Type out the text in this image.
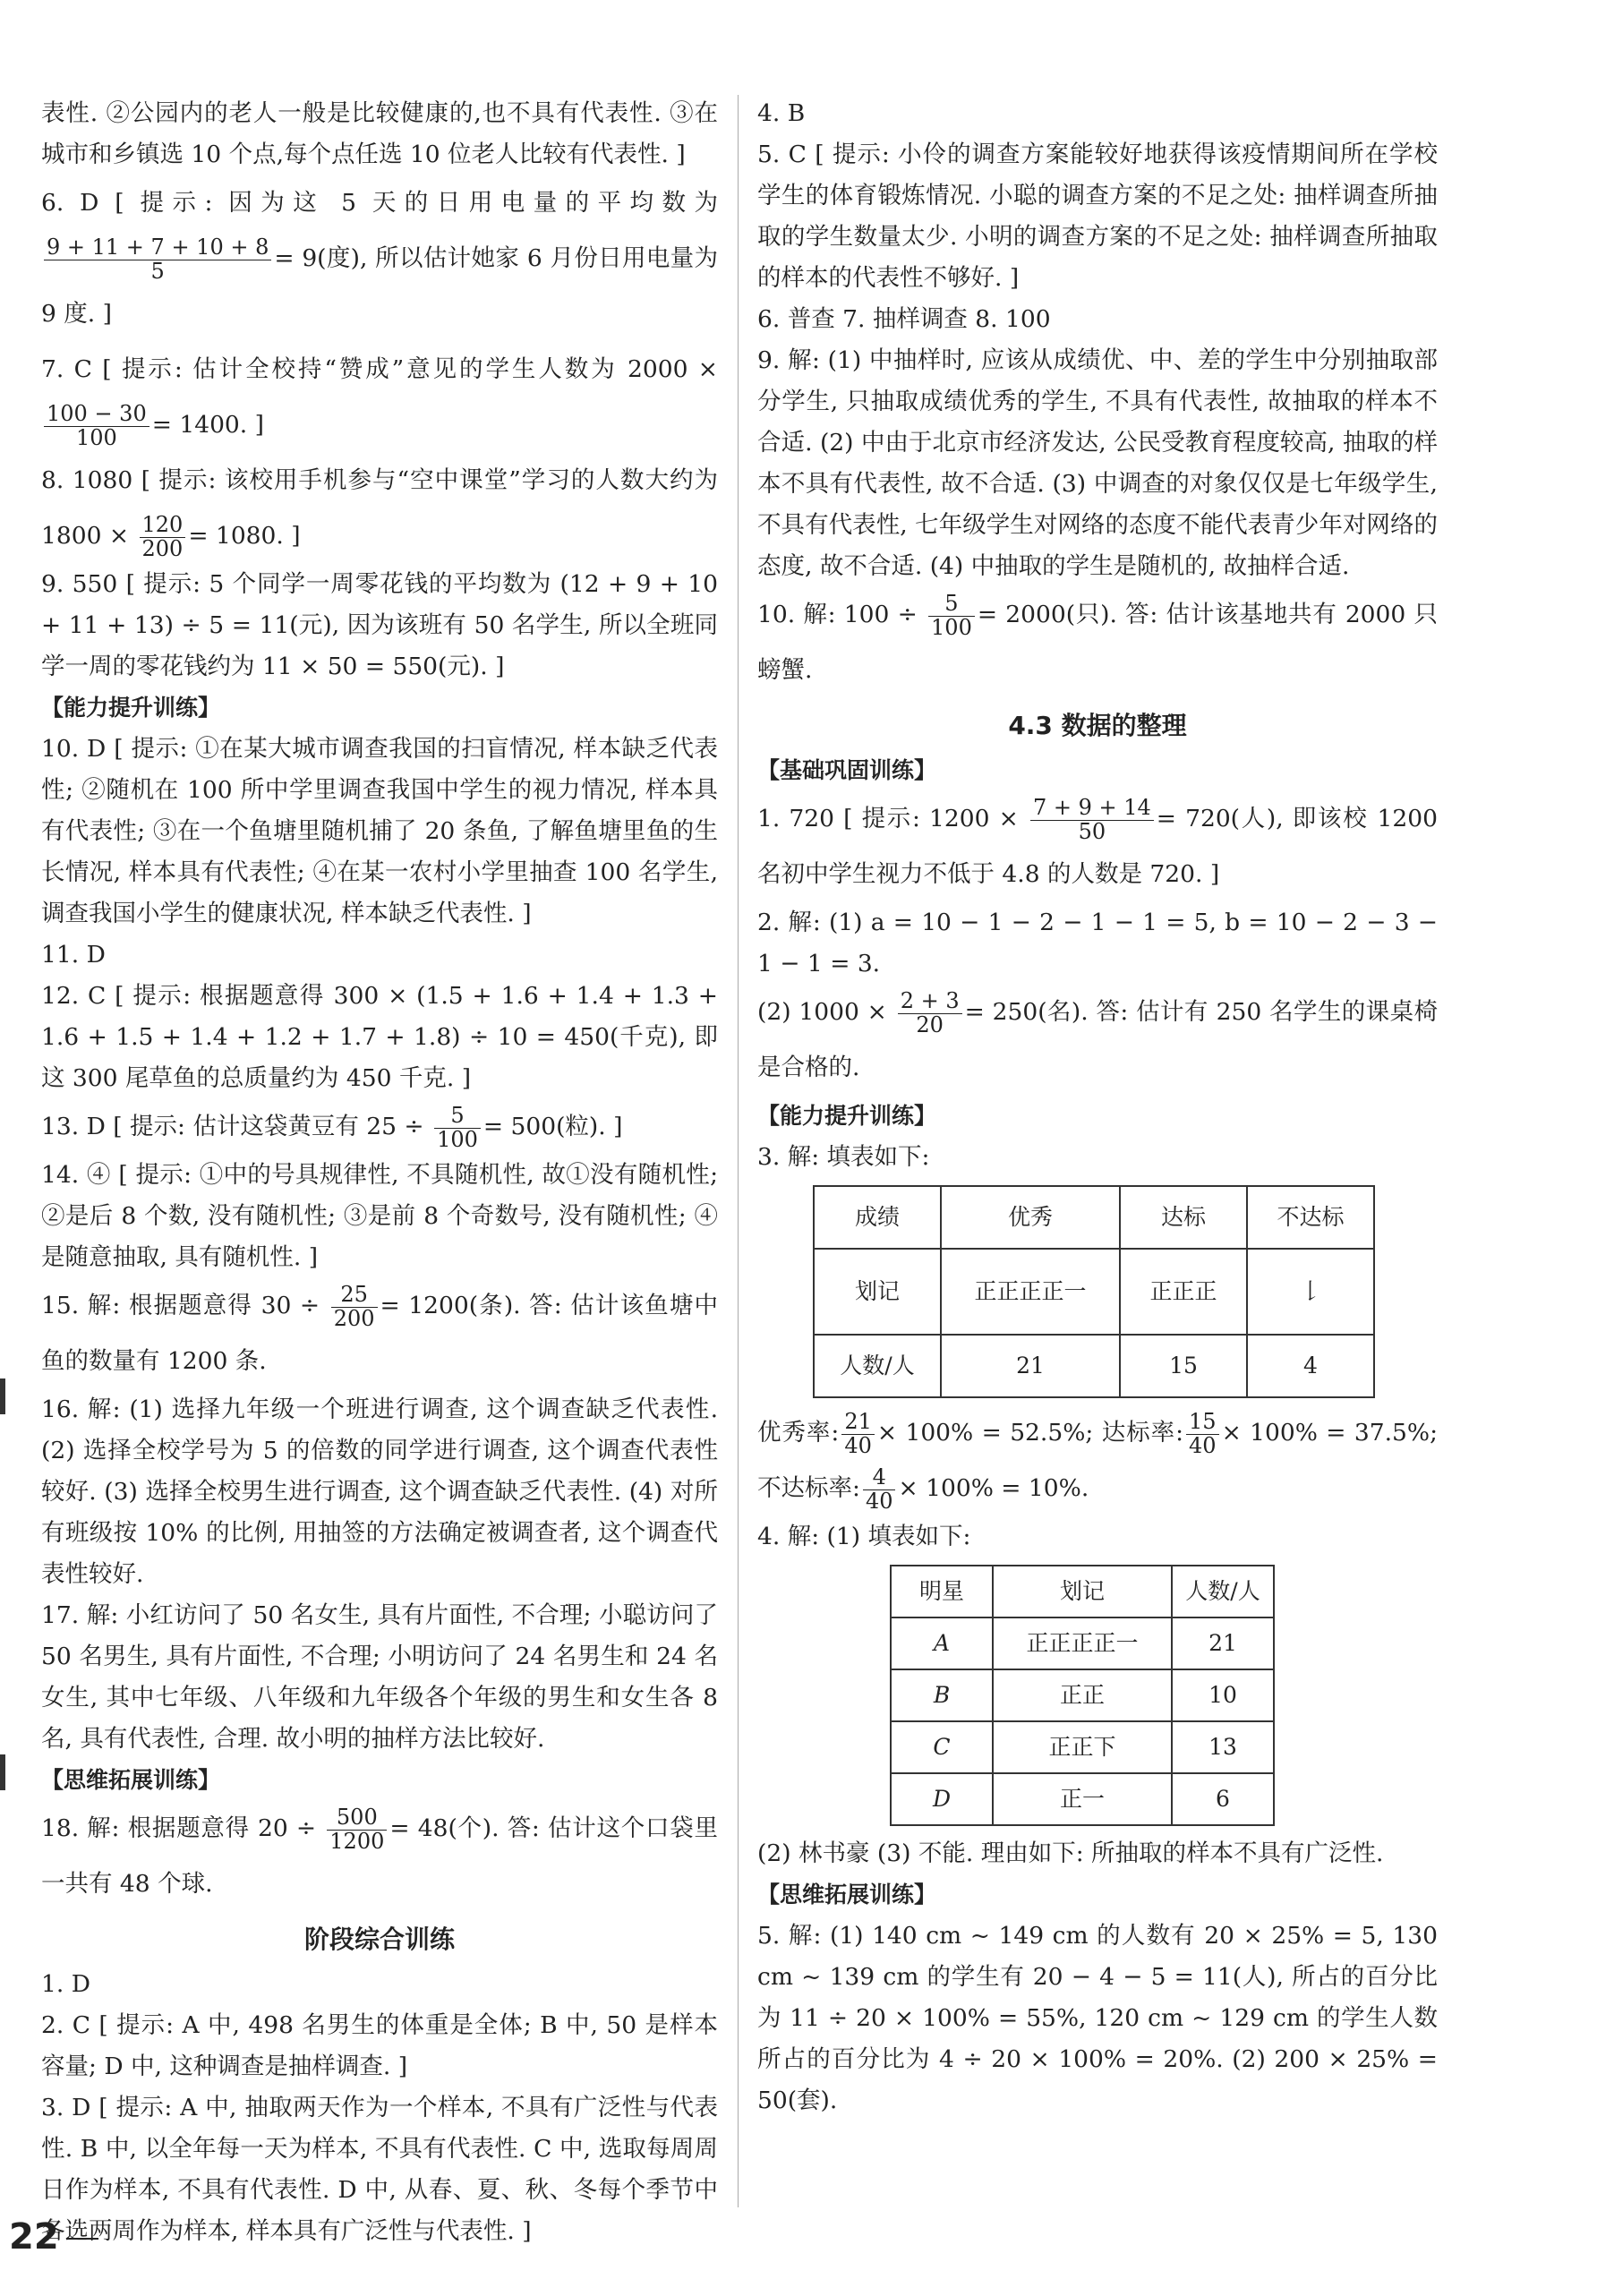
表性. ②公园内的老人一般是比较健康的,也不具有代表性. ③在城市和乡镇选 10 个点,每个点任选 10 位老人比较有代表性. ]

6. D [ 提示: 因为这 5 天的日用电量的平均数为
$\frac{9 + 11 + 7 + 10 + 8}{5} = 9$(度), 所以估计她家 6 月份日用电量为 9 度. ]

7. C [ 提示: 估计全校持“赞成”意见的学生人数为 2000 ×
$\frac{100 - 30}{100} = 1400$. ]

8. 1080 [ 提示: 该校用手机参与“空中课堂”学习的人数大约为 $1800 \times \frac{120}{200} = 1080$. ]

9. 550 [ 提示: 5 个同学一周零花钱的平均数为 (12 + 9 + 10 + 11 + 13) ÷ 5 = 11(元), 因为该班有 50 名学生, 所以全班同学一周的零花钱约为 11 × 50 = 550(元). ]

【能力提升训练】

10. D [ 提示: ①在某大城市调查我国的扫盲情况, 样本缺乏代表性; ②随机在 100 所中学里调查我国中学生的视力情况, 样本具有代表性; ③在一个鱼塘里随机捕了 20 条鱼, 了解鱼塘里鱼的生长情况, 样本具有代表性; ④在某一农村小学里抽查 100 名学生, 调查我国小学生的健康状况, 样本缺乏代表性. ]

11. D

12. C [ 提示: 根据题意得 300 × (1.5 + 1.6 + 1.4 + 1.3 + 1.6 + 1.5 + 1.4 + 1.2 + 1.7 + 1.8) ÷ 10 = 450(千克), 即这 300 尾草鱼的总质量约为 450 千克. ]

13. D [ 提示: 估计这袋黄豆有 $25 \div \frac{5}{100} = 500$(粒). ]

14. ④ [ 提示: ①中的号具规律性, 不具随机性, 故①没有随机性; ②是后 8 个数, 没有随机性; ③是前 8 个奇数号, 没有随机性; ④是随意抽取, 具有随机性. ]

15. 解: 根据题意得 $30 \div \frac{25}{200} = 1200$(条). 答: 估计该鱼塘中鱼的数量有 1200 条.

16. 解: (1) 选择九年级一个班进行调查, 这个调查缺乏代表性. (2) 选择全校学号为 5 的倍数的同学进行调查, 这个调查代表性较好. (3) 选择全校男生进行调查, 这个调查缺乏代表性. (4) 对所有班级按 10% 的比例, 用抽签的方法确定被调查者, 这个调查代表性较好.

17. 解: 小红访问了 50 名女生, 具有片面性, 不合理; 小聪访问了 50 名男生, 具有片面性, 不合理; 小明访问了 24 名男生和 24 名女生, 其中七年级、八年级和九年级各个年级的男生和女生各 8 名, 具有代表性, 合理. 故小明的抽样方法比较好.

【思维拓展训练】

18. 解: 根据题意得 $20 \div \frac{500}{1200} = 48$(个). 答: 估计这个口袋里一共有 48 个球.

阶段综合训练

1. D

2. C [ 提示: A 中, 498 名男生的体重是全体; B 中, 50 是样本容量; D 中, 这种调查是抽样调查. ]

3. D [ 提示: A 中, 抽取两天作为一个样本, 不具有广泛性与代表性. B 中, 以全年每一天为样本, 不具有代表性. C 中, 选取每周周日作为样本, 不具有代表性. D 中, 从春、夏、秋、冬每个季节中各选两周作为样本, 样本具有广泛性与代表性. ]

4. B

5. C [ 提示: 小伶的调查方案能较好地获得该疫情期间所在学校学生的体育锻炼情况. 小聪的调查方案的不足之处: 抽样调查所抽取的学生数量太少. 小明的调查方案的不足之处: 抽样调查所抽取的样本的代表性不够好. ]

6. 普查 7. 抽样调查 8. 100

9. 解: (1) 中抽样时, 应该从成绩优、中、差的学生中分别抽取部分学生, 只抽取成绩优秀的学生, 不具有代表性, 故抽取的样本不合适. (2) 中由于北京市经济发达, 公民受教育程度较高, 抽取的样本不具有代表性, 故不合适. (3) 中调查的对象仅仅是七年级学生, 不具有代表性, 七年级学生对网络的态度不能代表青少年对网络的态度, 故不合适. (4) 中抽取的学生是随机的, 故抽样合适.

10. 解: $100 \div \frac{5}{100} = 2000$(只). 答: 估计该基地共有 2000 只螃蟹.

4.3 数据的整理

【基础巩固训练】

1. 720 [ 提示: $1200 \times \frac{7 + 9 + 14}{50} = 720$(人), 即该校 1200 名初中学生视力不低于 4.8 的人数是 720. ]

2. 解: (1) a = 10 − 1 − 2 − 1 − 1 = 5, b = 10 − 2 − 3 − 1 − 1 = 3.

(2) $1000 \times \frac{2 + 3}{20} = 250$(名). 答: 估计有 250 名学生的课桌椅是合格的.

【能力提升训练】

3. 解: 填表如下:

成绩	优秀	达标	不达标
划记	正正正正一	正正正	𠄌
人数/人	21	15	4

优秀率: $\frac{21}{40} \times 100\% = 52.5\%$; 达标率: $\frac{15}{40} \times 100\% = 37.5\%$; 不达标率: $\frac{4}{40} \times 100\% = 10\%$.

4. 解: (1) 填表如下:

明星	划记	人数/人
A	正正正正一	21
B	正正	10
C	正正下	13
D	正一	6

(2) 林书豪 (3) 不能. 理由如下: 所抽取的样本不具有广泛性.

【思维拓展训练】

5. 解: (1) 140 cm ~ 149 cm 的人数有 20 × 25% = 5, 130 cm ~ 139 cm 的学生有 20 − 4 − 5 = 11(人), 所占的百分比为 11 ÷ 20 × 100% = 55%, 120 cm ~ 129 cm 的学生人数所占的百分比为 4 ÷ 20 × 100% = 20%. (2) 200 × 25% = 50(套).

22
